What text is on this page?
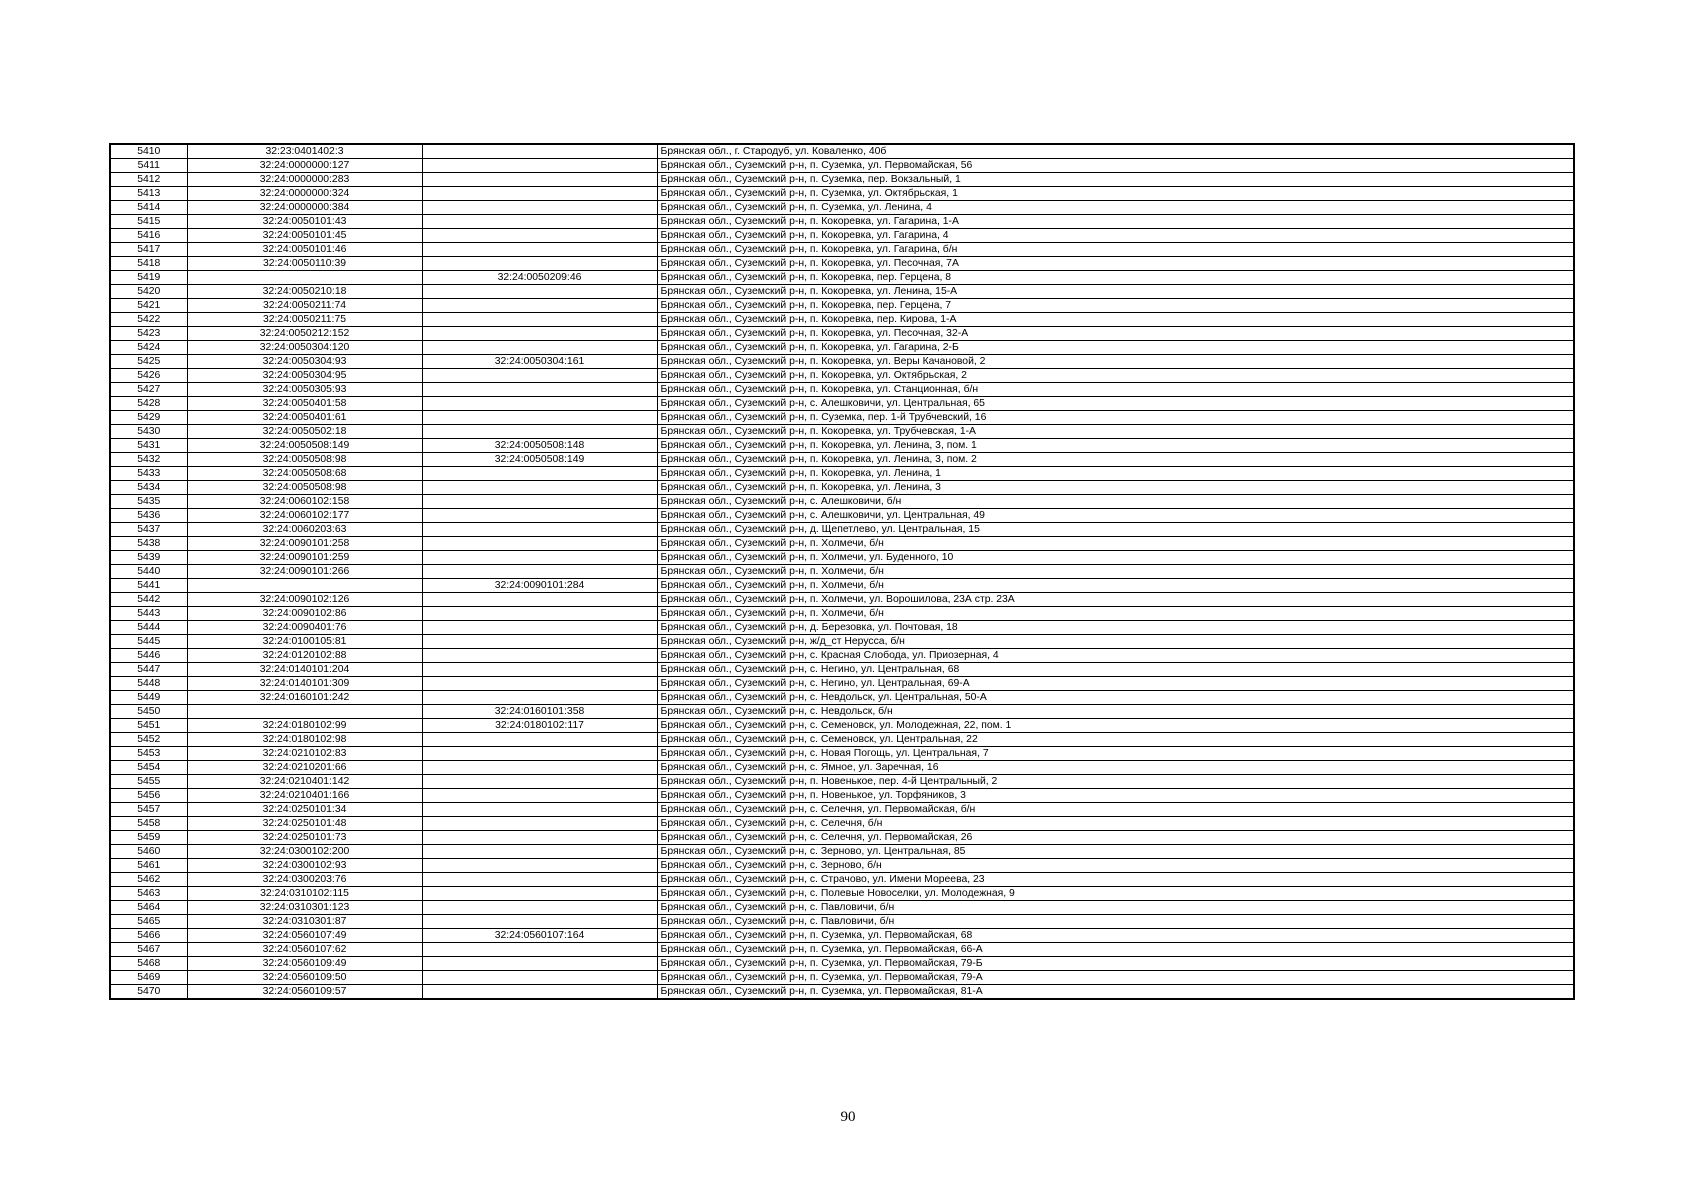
5410	32:23:0401402:3		Брянская обл., г. Стародуб, ул. Коваленко, 40б
5411	32:24:0000000:127		Брянская обл., Суземский р-н, п. Суземка, ул. Первомайская, 56
5412	32:24:0000000:283		Брянская обл., Суземский р-н, п. Суземка, пер. Вокзальный, 1
5413	32:24:0000000:324		Брянская обл., Суземский р-н, п. Суземка, ул. Октябрьская, 1
5414	32:24:0000000:384		Брянская обл., Суземский р-н, п. Суземка, ул. Ленина, 4
5415	32:24:0050101:43		Брянская обл., Суземский р-н, п. Кокоревка, ул. Гагарина, 1-А
5416	32:24:0050101:45		Брянская обл., Суземский р-н, п. Кокоревка, ул. Гагарина, 4
5417	32:24:0050101:46		Брянская обл., Суземский р-н, п. Кокоревка, ул. Гагарина, б/н
5418	32:24:0050110:39		Брянская обл., Суземский р-н, п. Кокоревка, ул. Песочная, 7А
5419		32:24:0050209:46	Брянская обл., Суземский р-н, п. Кокоревка, пер. Герцена, 8
5420	32:24:0050210:18		Брянская обл., Суземский р-н, п. Кокоревка, ул. Ленина, 15-А
5421	32:24:0050211:74		Брянская обл., Суземский р-н, п. Кокоревка, пер. Герцена, 7
5422	32:24:0050211:75		Брянская обл., Суземский р-н, п. Кокоревка, пер. Кирова, 1-А
5423	32:24:0050212:152		Брянская обл., Суземский р-н, п. Кокоревка, ул. Песочная, 32-А
5424	32:24:0050304:120		Брянская обл., Суземский р-н, п. Кокоревка, ул. Гагарина, 2-Б
5425	32:24:0050304:93	32:24:0050304:161	Брянская обл., Суземский р-н, п. Кокоревка, ул. Веры Качановой, 2
5426	32:24:0050304:95		Брянская обл., Суземский р-н, п. Кокоревка, ул. Октябрьская, 2
5427	32:24:0050305:93		Брянская обл., Суземский р-н, п. Кокоревка, ул. Станционная, б/н
5428	32:24:0050401:58		Брянская обл., Суземский р-н, с. Алешковичи, ул. Центральная, 65
5429	32:24:0050401:61		Брянская обл., Суземский р-н, п. Суземка, пер. 1-й Трубчевский, 16
5430	32:24:0050502:18		Брянская обл., Суземский р-н, п. Кокоревка, ул. Трубчевская, 1-А
5431	32:24:0050508:149	32:24:0050508:148	Брянская обл., Суземский р-н, п. Кокоревка, ул. Ленина, 3, пом. 1
5432	32:24:0050508:98	32:24:0050508:149	Брянская обл., Суземский р-н, п. Кокоревка, ул. Ленина, 3, пом. 2
5433	32:24:0050508:68		Брянская обл., Суземский р-н, п. Кокоревка, ул. Ленина, 1
5434	32:24:0050508:98		Брянская обл., Суземский р-н, п. Кокоревка, ул. Ленина, 3
5435	32:24:0060102:158		Брянская обл., Суземский р-н, с. Алешковичи, б/н
5436	32:24:0060102:177		Брянская обл., Суземский р-н, с. Алешковичи, ул. Центральная, 49
5437	32:24:0060203:63		Брянская обл., Суземский р-н, д. Щепетлево, ул. Центральная, 15
5438	32:24:0090101:258		Брянская обл., Суземский р-н, п. Холмечи, б/н
5439	32:24:0090101:259		Брянская обл., Суземский р-н, п. Холмечи, ул. Буденного, 10
5440	32:24:0090101:266		Брянская обл., Суземский р-н, п. Холмечи, б/н
5441		32:24:0090101:284	Брянская обл., Суземский р-н, п. Холмечи, б/н
5442	32:24:0090102:126		Брянская обл., Суземский р-н, п. Холмечи, ул. Ворошилова, 23А стр. 23А
5443	32:24:0090102:86		Брянская обл., Суземский р-н, п. Холмечи, б/н
5444	32:24:0090401:76		Брянская обл., Суземский р-н, д. Березовка, ул. Почтовая, 18
5445	32:24:0100105:81		Брянская обл., Суземский р-н, ж/д_ст Нерусса, б/н
5446	32:24:0120102:88		Брянская обл., Суземский р-н, с. Красная Слобода, ул. Приозерная, 4
5447	32:24:0140101:204		Брянская обл., Суземский р-н, с. Негино, ул. Центральная, 68
5448	32:24:0140101:309		Брянская обл., Суземский р-н, с. Негино, ул. Центральная, 69-А
5449	32:24:0160101:242		Брянская обл., Суземский р-н, с. Невдольск, ул. Центральная, 50-А
5450		32:24:0160101:358	Брянская обл., Суземский р-н, с. Невдольск, б/н
5451	32:24:0180102:99	32:24:0180102:117	Брянская обл., Суземский р-н, с. Семеновск, ул. Молодежная, 22, пом. 1
5452	32:24:0180102:98		Брянская обл., Суземский р-н, с. Семеновск, ул. Центральная, 22
5453	32:24:0210102:83		Брянская обл., Суземский р-н, с. Новая Погощь, ул. Центральная, 7
5454	32:24:0210201:66		Брянская обл., Суземский р-н, с. Ямное, ул. Заречная, 16
5455	32:24:0210401:142		Брянская обл., Суземский р-н, п. Новенькое, пер. 4-й Центральный, 2
5456	32:24:0210401:166		Брянская обл., Суземский р-н, п. Новенькое, ул. Торфяников, 3
5457	32:24:0250101:34		Брянская обл., Суземский р-н, с. Селечня, ул. Первомайская, б/н
5458	32:24:0250101:48		Брянская обл., Суземский р-н, с. Селечня, б/н
5459	32:24:0250101:73		Брянская обл., Суземский р-н, с. Селечня, ул. Первомайская, 26
5460	32:24:0300102:200		Брянская обл., Суземский р-н, с. Зерново, ул. Центральная, 85
5461	32:24:0300102:93		Брянская обл., Суземский р-н, с. Зерново, б/н
5462	32:24:0300203:76		Брянская обл., Суземский р-н, с. Страчово, ул. Имени Мореева, 23
5463	32:24:0310102:115		Брянская обл., Суземский р-н, с. Полевые Новоселки, ул. Молодежная, 9
5464	32:24:0310301:123		Брянская обл., Суземский р-н, с. Павловичи, б/н
5465	32:24:0310301:87		Брянская обл., Суземский р-н, с. Павловичи, б/н
5466	32:24:0560107:49	32:24:0560107:164	Брянская обл., Суземский р-н, п. Суземка, ул. Первомайская, 68
5467	32:24:0560107:62		Брянская обл., Суземский р-н, п. Суземка, ул. Первомайская, 66-А
5468	32:24:0560109:49		Брянская обл., Суземский р-н, п. Суземка, ул. Первомайская, 79-Б
5469	32:24:0560109:50		Брянская обл., Суземский р-н, п. Суземка, ул. Первомайская, 79-А
5470	32:24:0560109:57		Брянская обл., Суземский р-н, п. Суземка, ул. Первомайская, 81-А
90
